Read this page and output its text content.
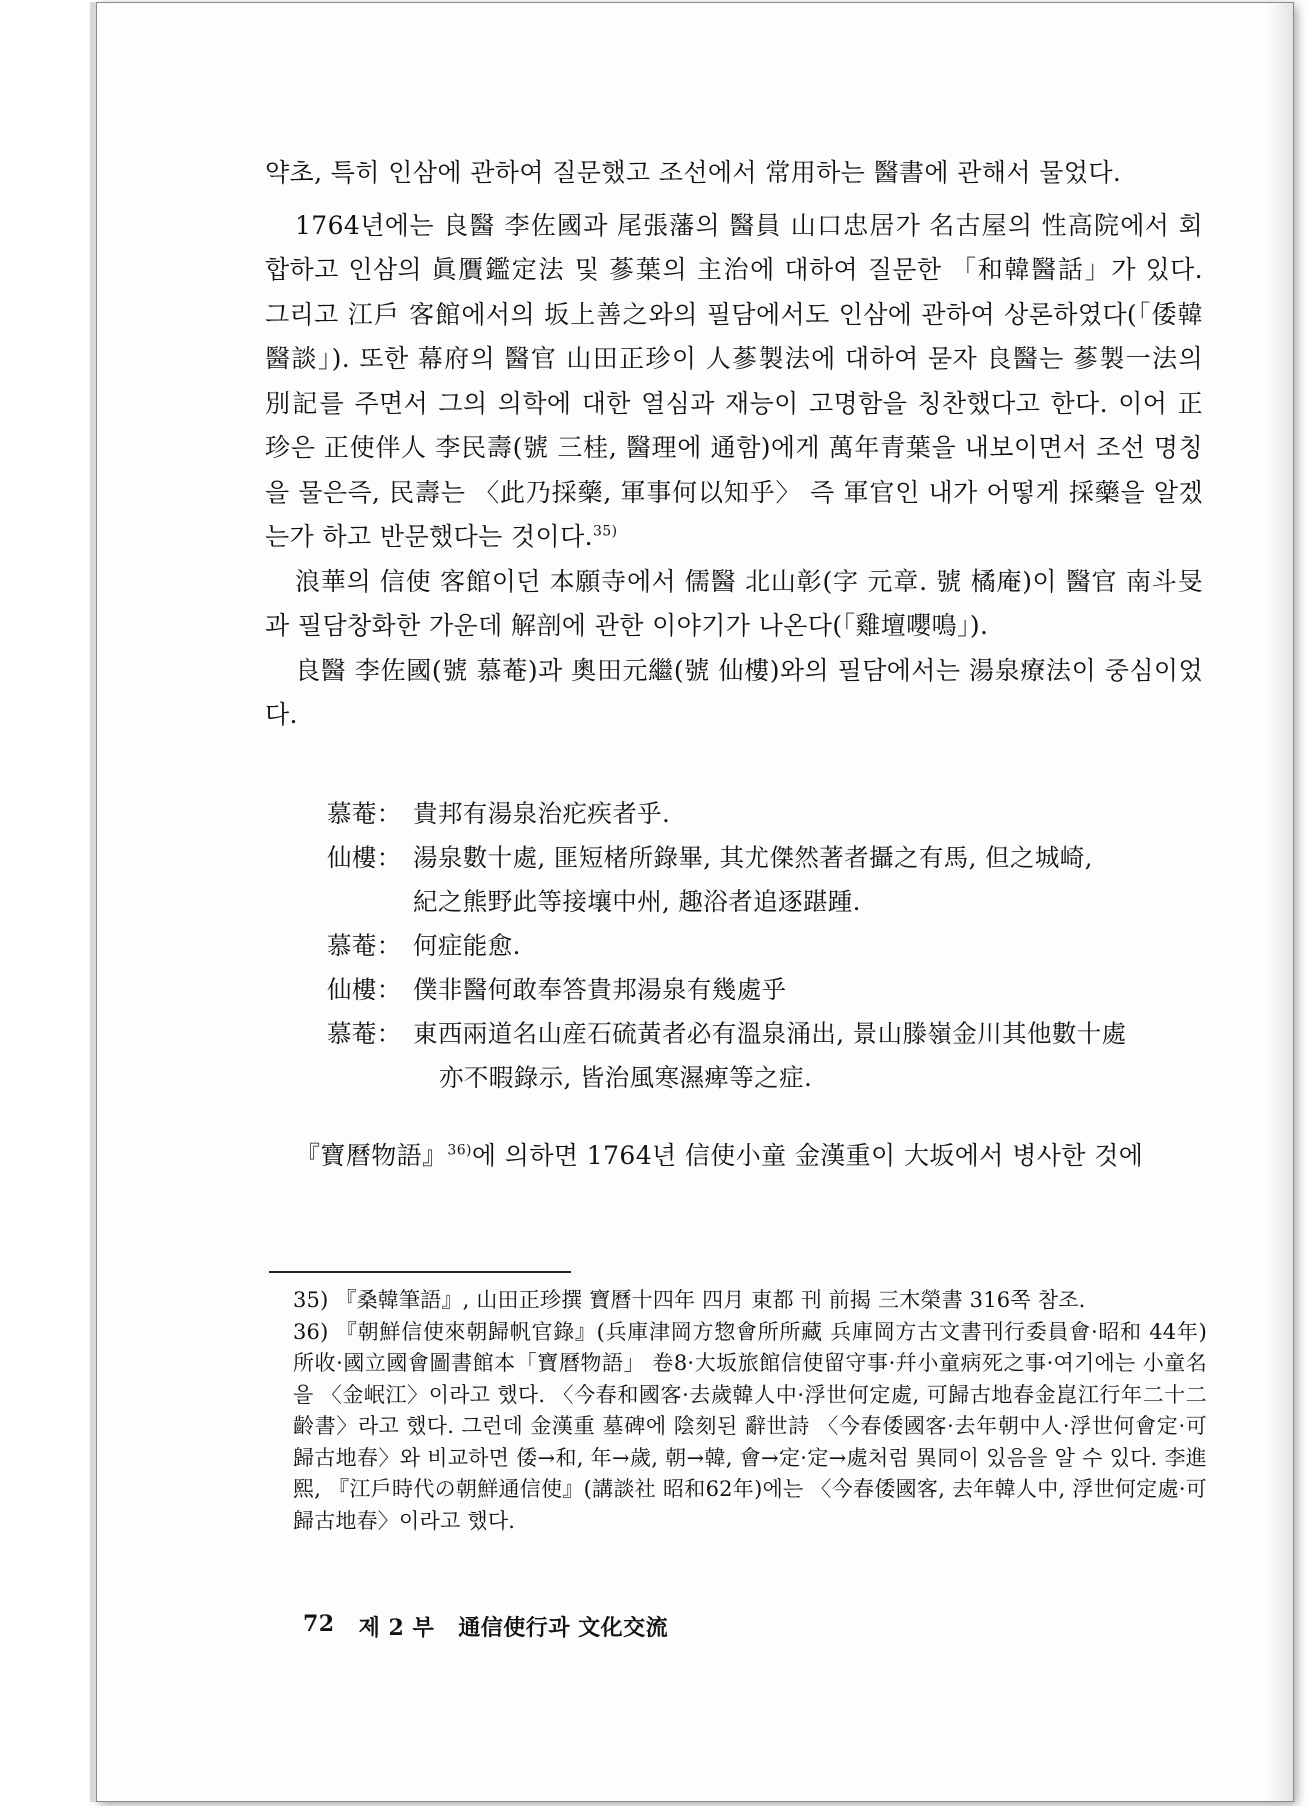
약초, 특히 인삼에 관하여 질문했고 조선에서 常用하는 醫書에 관해서 물었다.

1764년에는 良醫 李佐國과 尾張藩의 醫員 山口忠居가 名古屋의 性高院에서 회합하고 인삼의 眞贋鑑定法 및 蔘葉의 主治에 대하여 질문한 「和韓醫話」가 있다. 그리고 江戶 客館에서의 坂上善之와의 필담에서도 인삼에 관하여 상론하였다(「倭韓醫談」). 또한 幕府의 醫官 山田正珍이 人蔘製法에 대하여 묻자 良醫는 蔘製一法의 別記를 주면서 그의 의학에 대한 열심과 재능이 고명함을 칭찬했다고 한다. 이어 正珍은 正使伴人 李民壽(號 三桂, 醫理에 通함)에게 萬年青葉을 내보이면서 조선 명칭을 물은즉, 民壽는 〈此乃採藥, 軍事何以知乎〉 즉 軍官인 내가 어떻게 採藥을 알겠는가 하고 반문했다는 것이다.$^{35)}$

浪華의 信使 客館이던 本願寺에서 儒醫 北山彰(字 元章. 號 橘庵)이 醫官 南斗旻과 필담창화한 가운데 解剖에 관한 이야기가 나온다(「雞壇嚶鳴」).

良醫 李佐國(號 慕菴)과 奧田元繼(號 仙樓)와의 필담에서는 湯泉療法이 중심이었다.

慕菴： 貴邦有湯泉治疕疾者乎.
仙樓： 湯泉數十處, 匪短楮所錄畢, 其尤傑然著者攝之有馬, 但之城崎,
紀之熊野此等接壤中州, 趣浴者追逐踸踵.
慕菴： 何症能愈.
仙樓： 僕非醫何敢奉答貴邦湯泉有幾處乎
慕菴： 東西兩道名山産石硫黃者必有溫泉涌出, 景山滕嶺金川其他數十處
亦不暇錄示, 皆治風寒濕痺等之症.

『寶曆物語』$^{36)}$에 의하면 1764년 信使小童 金漢重이 大坂에서 병사한 것에

35) 『桑韓筆語』, 山田正珍撰 寶曆十四年 四月 東都 刊 前揭 三木榮書 316쪽 참조.

36) 『朝鮮信使來朝歸帆官錄』(兵庫津岡方惣會所所藏 兵庫岡方古文書刊行委員會·昭和 44年) 所收·國立國會圖書館本「寶曆物語」 卷8·大坂旅館信使留守事·幷小童病死之事·여기에는 小童名을 〈金岷江〉이라고 했다. 〈今春和國客·去歲韓人中·浮世何定處, 可歸古地春金崑江行年二十二齡書〉라고 했다. 그런데 金漢重 墓碑에 陰刻된 辭世詩 〈今春倭國客·去年朝中人·浮世何會定·可歸古地春〉와 비교하면 倭→和, 年→歲, 朝→韓, 會→定·定→處처럼 異同이 있음을 알 수 있다. 李進熙, 『江戶時代の朝鮮通信使』(講談社 昭和62年)에는 〈今春倭國客, 去年韓人中, 浮世何定處·可歸古地春〉이라고 했다.

72 제 2 부 通信使行과 文化交流
